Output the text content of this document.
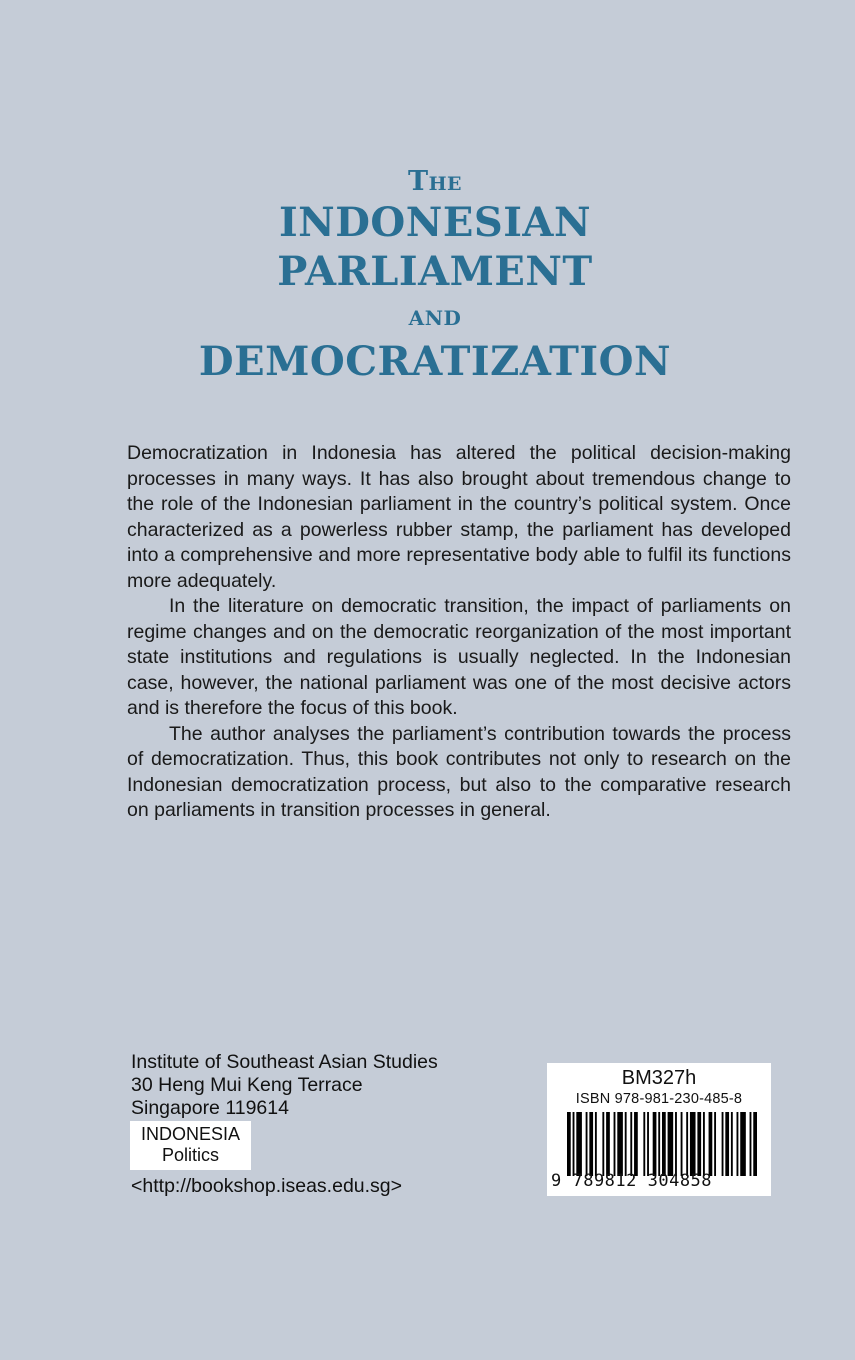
The
INDONESIAN
PARLIAMENT
and
DEMOCRATIZATION

Democratization in Indonesia has altered the political decision-making processes in many ways. It has also brought about tremendous change to the role of the Indonesian parliament in the country’s political system. Once characterized as a powerless rubber stamp, the parliament has developed into a comprehensive and more representative body able to fulfil its functions more adequately.

In the literature on democratic transition, the impact of parliaments on regime changes and on the democratic reorganization of the most important state institutions and regulations is usually neglected. In the Indonesian case, however, the national parliament was one of the most decisive actors and is therefore the focus of this book.

The author analyses the parliament’s contribution towards the process of democratization. Thus, this book contributes not only to research on the Indonesian democratization process, but also to the comparative research on parliaments in transition processes in general.

Institute of Southeast Asian Studies
30 Heng Mui Keng Terrace
Singapore 119614
INDONESIA
Politics
<http://bookshop.iseas.edu.sg>
BM327h
ISBN 978-981-230-485-8
9 789812 304858
